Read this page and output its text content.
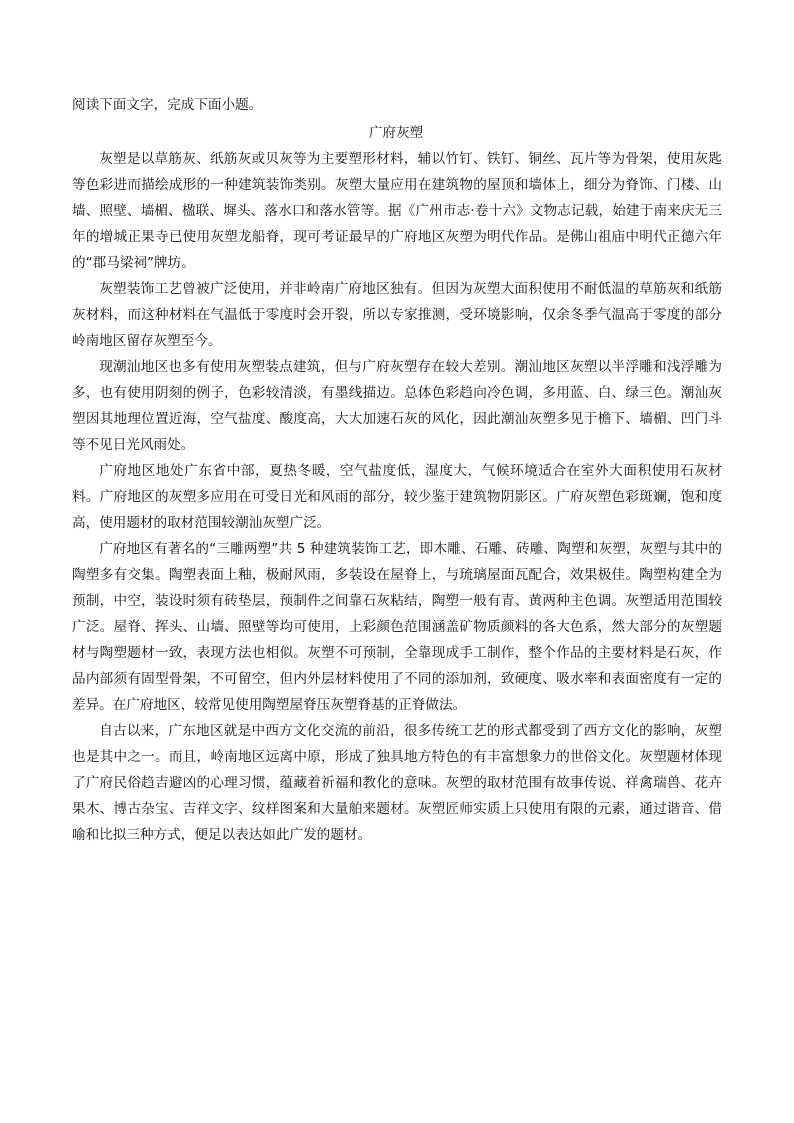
阅读下面文字，完成下面小题。

广府灰塑

灰塑是以草筋灰、纸筋灰或贝灰等为主要塑形材料，辅以竹钉、铁钉、铜丝、瓦片等为骨架，使用灰匙等色彩进而描绘成形的一种建筑装饰类别。灰塑大量应用在建筑物的屋顶和墙体上，细分为脊饰、门楼、山墙、照壁、墙楣、楹联、墀头、落水口和落水管等。据《广州市志·卷十六》文物志记载，始建于南来庆无三年的增城正果寺已使用灰塑龙船脊，现可考证最早的广府地区灰塑为明代作品。是佛山祖庙中明代正德六年的“郡马梁祠”牌坊。

灰塑装饰工艺曾被广泛使用，并非岭南广府地区独有。但因为灰塑大面积使用不耐低温的草筋灰和纸筋灰材料，而这种材料在气温低于零度时会开裂，所以专家推测，受环境影响，仅余冬季气温高于零度的部分岭南地区留存灰塑至今。

现潮汕地区也多有使用灰塑装点建筑，但与广府灰塑存在较大差别。潮汕地区灰塑以半浮雕和浅浮雕为多，也有使用阴刻的例子，色彩较清淡，有墨线描边。总体色彩趋向冷色调，多用蓝、白、绿三色。潮汕灰塑因其地理位置近海，空气盐度、酸度高，大大加速石灰的风化，因此潮汕灰塑多见于檐下、墙楣、凹门斗等不见日光风雨处。

广府地区地处广东省中部，夏热冬暖，空气盐度低，湿度大，气候环境适合在室外大面积使用石灰材料。广府地区的灰塑多应用在可受日光和风雨的部分，较少鉴于建筑物阴影区。广府灰塑色彩斑斓，饱和度高，使用题材的取材范围较潮汕灰塑广泛。

广府地区有著名的“三雕两塑”共 5 种建筑装饰工艺，即木雕、石雕、砖雕、陶塑和灰塑，灰塑与其中的陶塑多有交集。陶塑表面上釉，极耐风雨，多装设在屋脊上，与琉璃屋面瓦配合，效果极佳。陶塑构建全为预制，中空，装设时须有砖垫层，预制件之间靠石灰粘结，陶塑一般有青、黄两种主色调。灰塑适用范围较广泛。屋脊、挥头、山墙、照壁等均可使用，上彩颜色范围涵盖矿物质颜料的各大色系，然大部分的灰塑题材与陶塑题材一致，表现方法也相似。灰塑不可预制，全靠现成手工制作，整个作品的主要材料是石灰，作品内部须有固型骨架，不可留空，但内外层材料使用了不同的添加剂，致硬度、吸水率和表面密度有一定的差异。在广府地区，较常见使用陶塑屋脊压灰塑脊基的正脊做法。

自古以来，广东地区就是中西方文化交流的前沿，很多传统工艺的形式都受到了西方文化的影响，灰塑也是其中之一。而且，岭南地区远离中原，形成了独具地方特色的有丰富想象力的世俗文化。灰塑题材体现了广府民俗趋吉避凶的心理习惯，蕴藏着祈福和教化的意味。灰塑的取材范围有故事传说、祥禽瑞兽、花卉果木、博古杂宝、吉祥文字、纹样图案和大量舶来题材。灰塑匠师实质上只使用有限的元素，通过谐音、借喻和比拟三种方式，便足以表达如此广发的题材。
